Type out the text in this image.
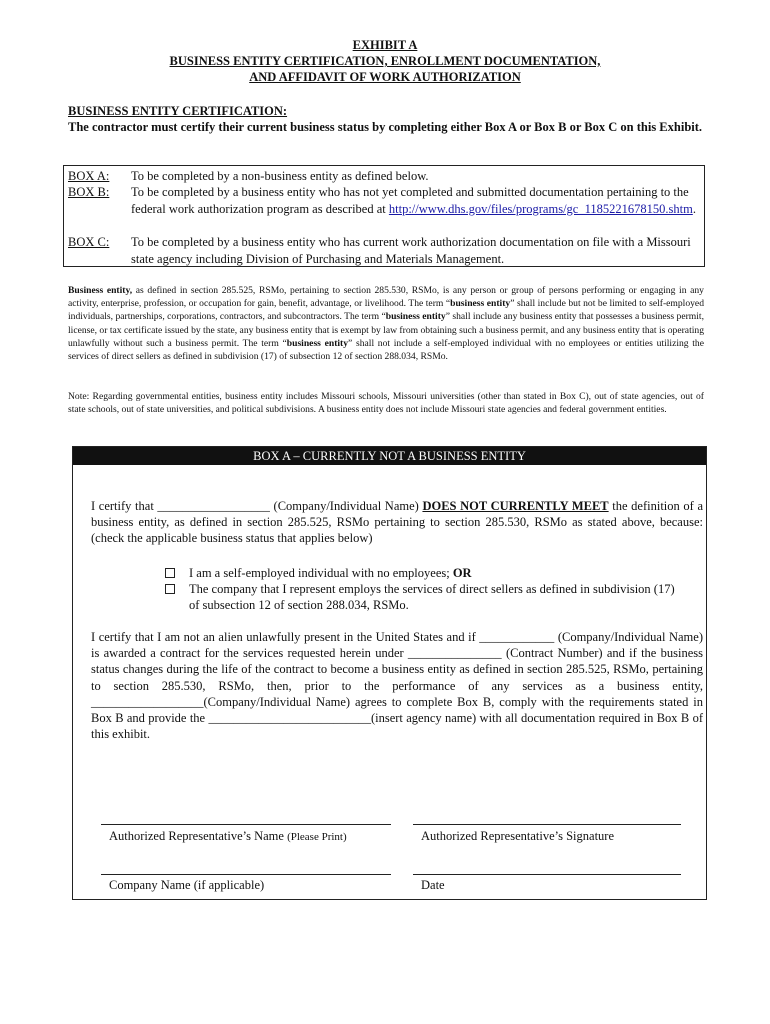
EXHIBIT A
BUSINESS ENTITY CERTIFICATION, ENROLLMENT DOCUMENTATION,
AND AFFIDAVIT OF WORK AUTHORIZATION
BUSINESS ENTITY CERTIFICATION:
The contractor must certify their current business status by completing either Box A or Box B or Box C on this Exhibit.
BOX A:	To be completed by a non-business entity as defined below.
BOX B:	To be completed by a business entity who has not yet completed and submitted documentation pertaining to the federal work authorization program as described at http://www.dhs.gov/files/programs/gc_1185221678150.shtm.
BOX C:	To be completed by a business entity who has current work authorization documentation on file with a Missouri state agency including Division of Purchasing and Materials Management.
Business entity, as defined in section 285.525, RSMo, pertaining to section 285.530, RSMo, is any person or group of persons performing or engaging in any activity, enterprise, profession, or occupation for gain, benefit, advantage, or livelihood. The term “business entity” shall include but not be limited to self-employed individuals, partnerships, corporations, contractors, and subcontractors. The term “business entity” shall include any business entity that possesses a business permit, license, or tax certificate issued by the state, any business entity that is exempt by law from obtaining such a business permit, and any business entity that is operating unlawfully without such a business permit. The term “business entity” shall not include a self-employed individual with no employees or entities utilizing the services of direct sellers as defined in subdivision (17) of subsection 12 of section 288.034, RSMo.
Note: Regarding governmental entities, business entity includes Missouri schools, Missouri universities (other than stated in Box C), out of state agencies, out of state schools, out of state universities, and political subdivisions. A business entity does not include Missouri state agencies and federal government entities.
BOX A – CURRENTLY NOT A BUSINESS ENTITY
I certify that __________________ (Company/Individual Name) DOES NOT CURRENTLY MEET the definition of a business entity, as defined in section 285.525, RSMo pertaining to section 285.530, RSMo as stated above, because: (check the applicable business status that applies below)
I am a self-employed individual with no employees; OR
The company that I represent employs the services of direct sellers as defined in subdivision (17) of subsection 12 of section 288.034, RSMo.
I certify that I am not an alien unlawfully present in the United States and if ____________ (Company/Individual Name) is awarded a contract for the services requested herein under _______________ (Contract Number) and if the business status changes during the life of the contract to become a business entity as defined in section 285.525, RSMo, pertaining to section 285.530, RSMo, then, prior to the performance of any services as a business entity, __________________(Company/Individual Name) agrees to complete Box B, comply with the requirements stated in Box B and provide the __________________________(insert agency name) with all documentation required in Box B of this exhibit.
Authorized Representative’s Name (Please Print)	Authorized Representative’s Signature
Company Name (if applicable)	Date
